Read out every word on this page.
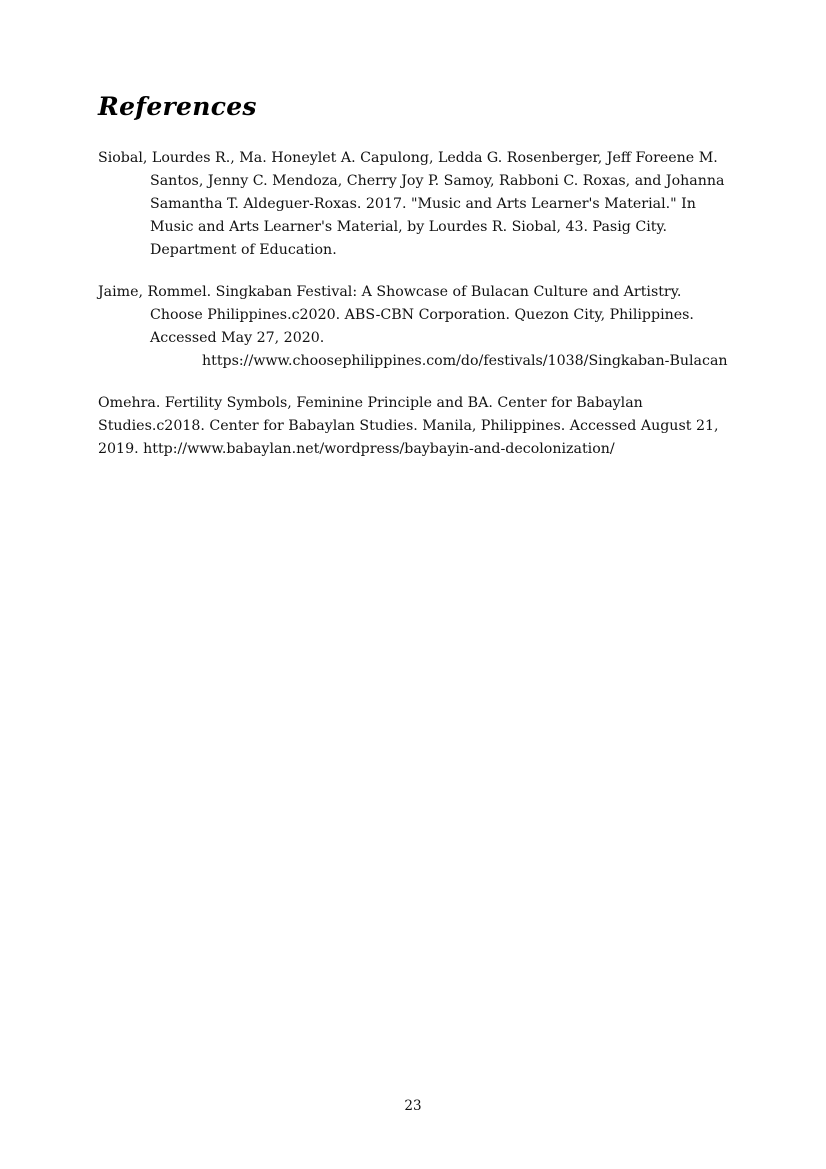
References

Siobal, Lourdes R., Ma. Honeylet A. Capulong, Ledda G. Rosenberger, Jeff Foreene M. Santos, Jenny C. Mendoza, Cherry Joy P. Samoy, Rabboni C. Roxas, and Johanna Samantha T. Aldeguer-Roxas. 2017. "Music and Arts Learner's Material." In Music and Arts Learner's Material, by Lourdes R. Siobal, 43. Pasig City. Department of Education.

Jaime, Rommel. Singkaban Festival: A Showcase of Bulacan Culture and Artistry. Choose Philippines.c2020. ABS-CBN Corporation. Quezon City, Philippines. Accessed May 27, 2020.
https://www.choosephilippines.com/do/festivals/1038/Singkaban-Bulacan

Omehra. Fertility Symbols, Feminine Principle and BA. Center for Babaylan Studies.c2018. Center for Babaylan Studies. Manila, Philippines. Accessed August 21, 2019. http://www.babaylan.net/wordpress/baybayin-and-decolonization/

23
